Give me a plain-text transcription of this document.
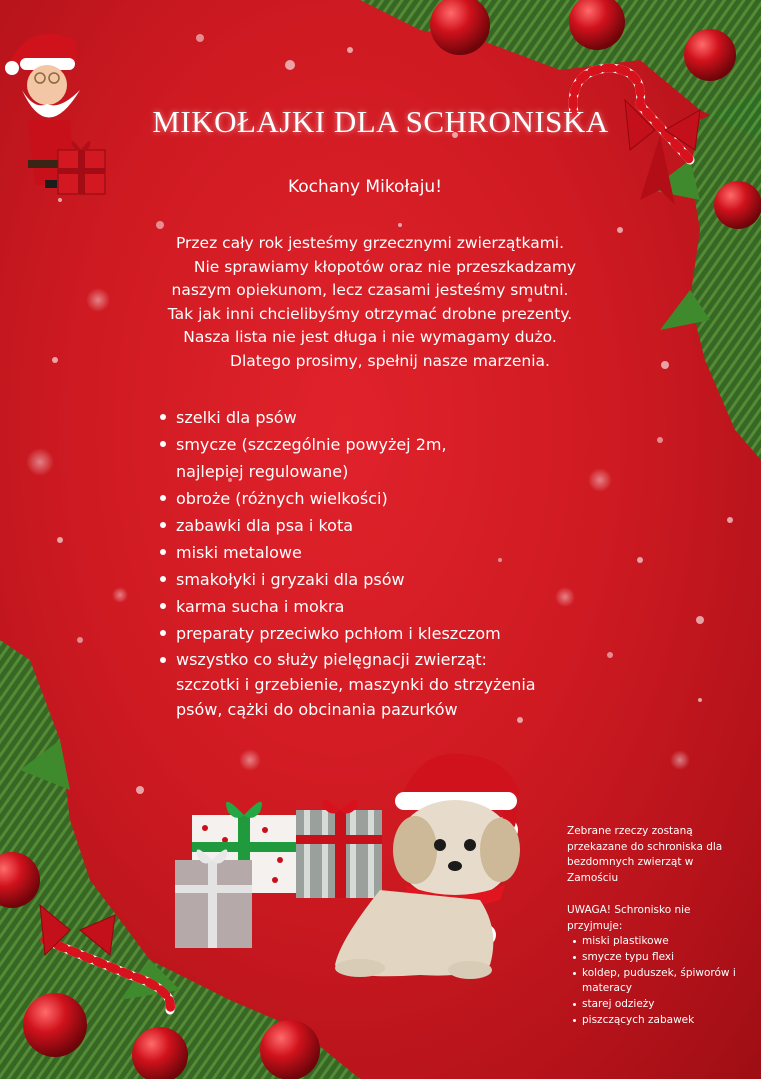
MIKOŁAJKI DLA SCHRONISKA
Kochany Mikołaju!
Przez cały rok jesteśmy grzecznymi zwierzątkami.
Nie sprawiamy kłopotów oraz nie przeszkadzamy
naszym opiekunom, lecz czasami jesteśmy smutni.
Tak jak inni chcielibyśmy otrzymać drobne prezenty.
Nasza lista nie jest długa i nie wymagamy dużo.
Dlatego prosimy, spełnij nasze marzenia.
szelki dla psów
smycze (szczególnie powyżej 2m,
najlepiej regulowane)
obroże (różnych wielkości)
zabawki dla psa i kota
miski metalowe
smakołyki i gryzaki dla psów
karma sucha i mokra
preparaty przeciwko pchłom i kleszczom
wszystko co służy pielęgnacji zwierząt:
szczotki i grzebienie, maszynki do strzyżenia
psów, cążki do obcinania pazurków

Zebrane rzeczy zostaną przekazane do schroniska dla bezdomnych zwierząt w Zamościu

UWAGA! Schronisko nie przyjmuje:

miski plastikowe
smycze typu flexi
koldер, puduszek, śpiworów i materacy
starej odzieży
piszczących zabawek
